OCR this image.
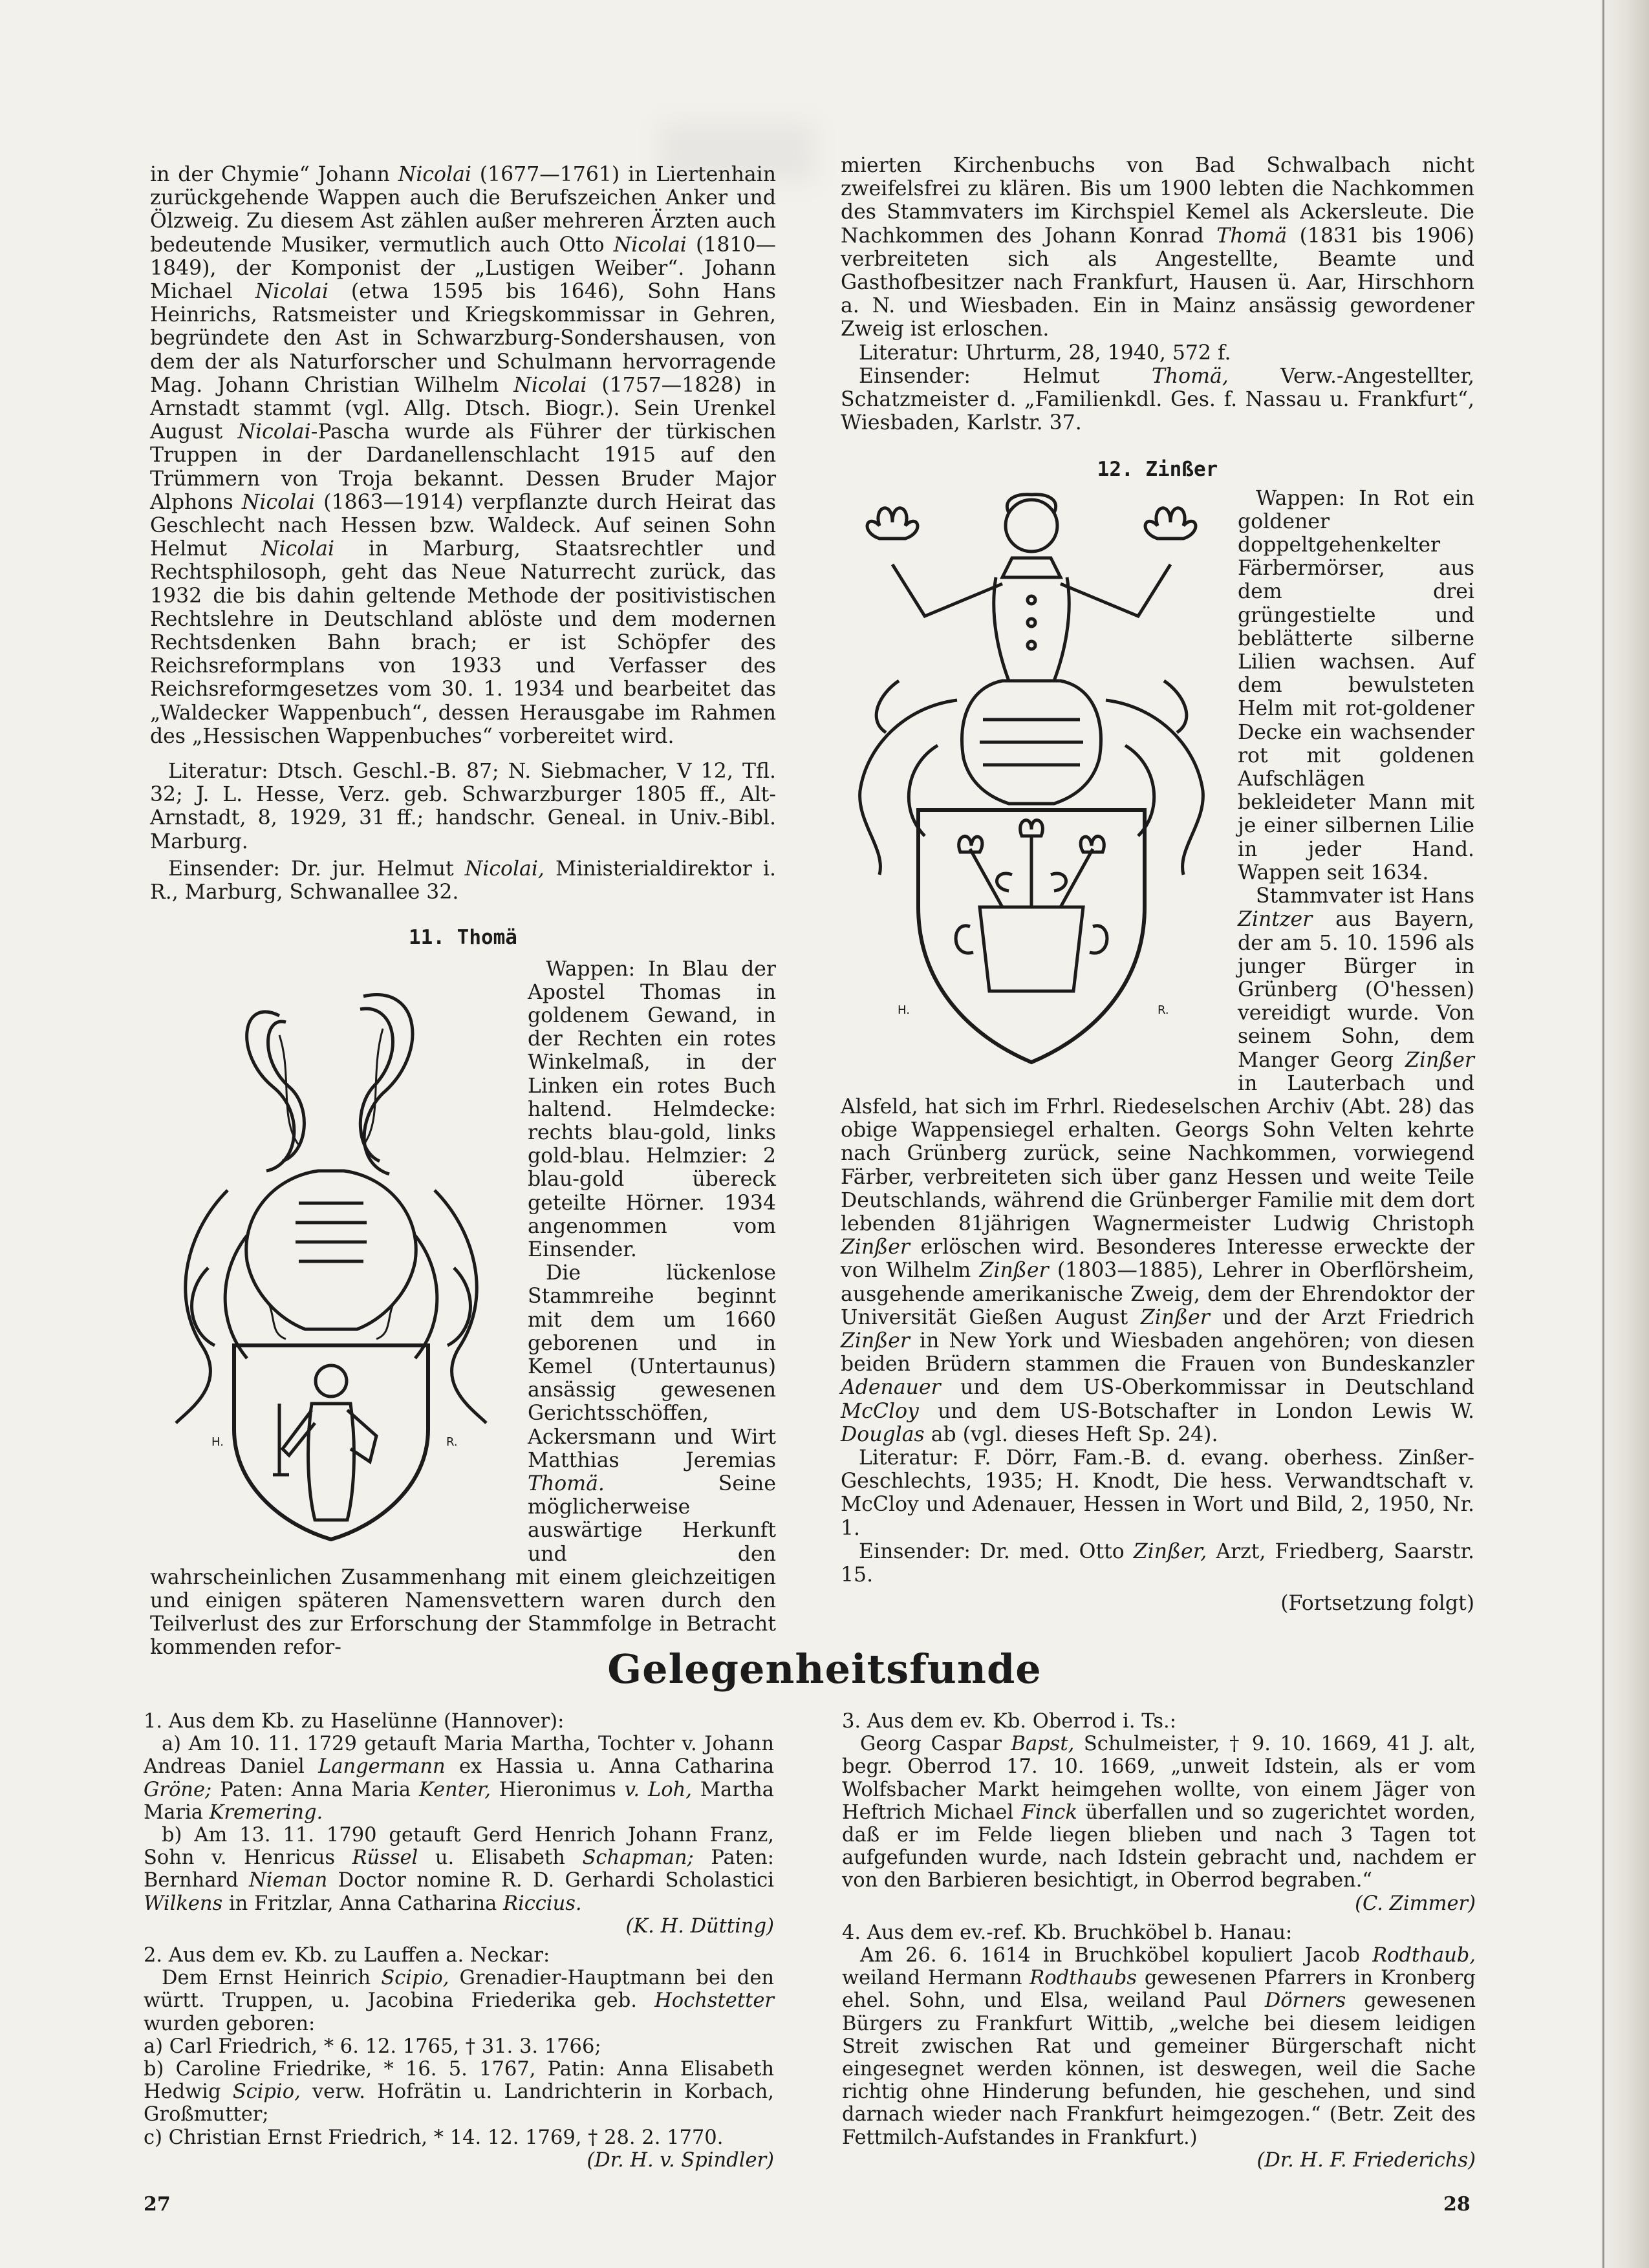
in der Chymie“ Johann Nicolai (1677—1761) in Liertenhain zurückgehende Wappen auch die Berufszeichen Anker und Ölzweig. Zu diesem Ast zählen außer mehreren Ärzten auch bedeutende Musiker, vermutlich auch Otto Nicolai (1810—1849), der Komponist der „Lustigen Weiber“. Johann Michael Nicolai (etwa 1595 bis 1646), Sohn Hans Heinrichs, Ratsmeister und Kriegskommissar in Gehren, begründete den Ast in Schwarzburg-Sondershausen, von dem der als Naturforscher und Schulmann hervorragende Mag. Johann Christian Wilhelm Nicolai (1757—1828) in Arnstadt stammt (vgl. Allg. Dtsch. Biogr.). Sein Urenkel August Nicolai-Pascha wurde als Führer der türkischen Truppen in der Dardanellenschlacht 1915 auf den Trümmern von Troja bekannt. Dessen Bruder Major Alphons Nicolai (1863—1914) verpflanzte durch Heirat das Geschlecht nach Hessen bzw. Waldeck. Auf seinen Sohn Helmut Nicolai in Marburg, Staatsrechtler und Rechtsphilosoph, geht das Neue Naturrecht zurück, das 1932 die bis dahin geltende Methode der positivistischen Rechtslehre in Deutschland ablöste und dem modernen Rechtsdenken Bahn brach; er ist Schöpfer des Reichsreformplans von 1933 und Verfasser des Reichsreformgesetzes vom 30. 1. 1934 und bearbeitet das „Waldecker Wappenbuch“, dessen Herausgabe im Rahmen des „Hessischen Wappenbuches“ vorbereitet wird.

Literatur: Dtsch. Geschl.-B. 87; N. Siebmacher, V 12, Tfl. 32; J. L. Hesse, Verz. geb. Schwarzburger 1805 ff., Alt-Arnstadt, 8, 1929, 31 ff.; handschr. Geneal. in Univ.-Bibl. Marburg.

Einsender: Dr. jur. Helmut Nicolai, Ministerialdirektor i. R., Marburg, Schwanallee 32.

11. Thomä
H.	R.

Wappen: In Blau der Apostel Thomas in goldenem Gewand, in der Rechten ein rotes Winkelmaß, in der Linken ein rotes Buch haltend. Helmdecke: rechts blau-gold, links gold-blau. Helmzier: 2 blau-gold übereck geteilte Hörner. 1934 angenommen vom Einsender.

Die lückenlose Stammreihe beginnt mit dem um 1660 geborenen und in Kemel (Untertaunus) ansässig gewesenen Gerichtsschöffen, Ackersmann und Wirt Matthias Jeremias Thomä. Seine möglicherweise auswärtige Herkunft und den wahrscheinlichen Zusammenhang mit einem gleichzeitigen und einigen späteren Namensvettern waren durch den Teilverlust des zur Erforschung der Stammfolge in Betracht kommenden refor-

mierten Kirchenbuchs von Bad Schwalbach nicht zweifelsfrei zu klären. Bis um 1900 lebten die Nachkommen des Stammvaters im Kirchspiel Kemel als Ackersleute. Die Nachkommen des Johann Konrad Thomä (1831 bis 1906) verbreiteten sich als Angestellte, Beamte und Gasthofbesitzer nach Frankfurt, Hausen ü. Aar, Hirschhorn a. N. und Wiesbaden. Ein in Mainz ansässig gewordener Zweig ist erloschen.

Literatur: Uhrturm, 28, 1940, 572 f.

Einsender: Helmut Thomä, Verw.-Angestellter, Schatzmeister d. „Familienkdl. Ges. f. Nassau u. Frankfurt“, Wiesbaden, Karlstr. 37.

12. Zinßer
H.	R.

Wappen: In Rot ein goldener doppeltgehenkelter Färbermörser, aus dem drei grüngestielte und beblätterte silberne Lilien wachsen. Auf dem bewulsteten Helm mit rot-goldener Decke ein wachsender rot mit goldenen Aufschlägen bekleideter Mann mit je einer silbernen Lilie in jeder Hand. Wappen seit 1634.

Stammvater ist Hans Zintzer aus Bayern, der am 5. 10. 1596 als junger Bürger in Grünberg (O'hessen) vereidigt wurde. Von seinem Sohn, dem Manger Georg Zinßer in Lauterbach und Alsfeld, hat sich im Frhrl. Riedeselschen Archiv (Abt. 28) das obige Wappensiegel erhalten. Georgs Sohn Velten kehrte nach Grünberg zurück, seine Nachkommen, vorwiegend Färber, verbreiteten sich über ganz Hessen und weite Teile Deutschlands, während die Grünberger Familie mit dem dort lebenden 81jährigen Wagnermeister Ludwig Christoph Zinßer erlöschen wird. Besonderes Interesse erweckte der von Wilhelm Zinßer (1803—1885), Lehrer in Oberflörsheim, ausgehende amerikanische Zweig, dem der Ehrendoktor der Universität Gießen August Zinßer und der Arzt Friedrich Zinßer in New York und Wiesbaden angehören; von diesen beiden Brüdern stammen die Frauen von Bundeskanzler Adenauer und dem US-Oberkommissar in Deutschland McCloy und dem US-Botschafter in London Lewis W. Douglas ab (vgl. dieses Heft Sp. 24).

Literatur: F. Dörr, Fam.-B. d. evang. oberhess. Zinßer-Geschlechts, 1935; H. Knodt, Die hess. Verwandtschaft v. McCloy und Adenauer, Hessen in Wort und Bild, 2, 1950, Nr. 1.

Einsender: Dr. med. Otto Zinßer, Arzt, Friedberg, Saarstr. 15.

(Fortsetzung folgt)

Gelegenheitsfunde

1. Aus dem Kb. zu Haselünne (Hannover):

a) Am 10. 11. 1729 getauft Maria Martha, Tochter v. Johann Andreas Daniel Langermann ex Hassia u. Anna Catharina Gröne; Paten: Anna Maria Kenter, Hieronimus v. Loh, Martha Maria Kremering.

b) Am 13. 11. 1790 getauft Gerd Henrich Johann Franz, Sohn v. Henricus Rüssel u. Elisabeth Schapman; Paten: Bernhard Nieman Doctor nomine R. D. Gerhardi Scholastici Wilkens in Fritzlar, Anna Catharina Riccius.

(K. H. Dütting)

2. Aus dem ev. Kb. zu Lauffen a. Neckar:

Dem Ernst Heinrich Scipio, Grenadier-Hauptmann bei den württ. Truppen, u. Jacobina Friederika geb. Hochstetter wurden geboren:

a) Carl Friedrich, * 6. 12. 1765, † 31. 3. 1766;

b) Caroline Friedrike, * 16. 5. 1767, Patin: Anna Elisabeth Hedwig Scipio, verw. Hofrätin u. Landrichterin in Korbach, Großmutter;

c) Christian Ernst Friedrich, * 14. 12. 1769, † 28. 2. 1770.

(Dr. H. v. Spindler)

3. Aus dem ev. Kb. Oberrod i. Ts.:

Georg Caspar Bapst, Schulmeister, † 9. 10. 1669, 41 J. alt, begr. Oberrod 17. 10. 1669, „unweit Idstein, als er vom Wolfsbacher Markt heimgehen wollte, von einem Jäger von Heftrich Michael Finck überfallen und so zugerichtet worden, daß er im Felde liegen blieben und nach 3 Tagen tot aufgefunden wurde, nach Idstein gebracht und, nachdem er von den Barbieren besichtigt, in Oberrod begraben.“

(C. Zimmer)

4. Aus dem ev.-ref. Kb. Bruchköbel b. Hanau:

Am 26. 6. 1614 in Bruchköbel kopuliert Jacob Rodthaub, weiland Hermann Rodthaubs gewesenen Pfarrers in Kronberg ehel. Sohn, und Elsa, weiland Paul Dörners gewesenen Bürgers zu Frankfurt Wittib, „welche bei diesem leidigen Streit zwischen Rat und gemeiner Bürgerschaft nicht eingesegnet werden können, ist deswegen, weil die Sache richtig ohne Hinderung befunden, hie geschehen, und sind darnach wieder nach Frankfurt heimgezogen.“ (Betr. Zeit des Fettmilch-Aufstandes in Frankfurt.)

(Dr. H. F. Friederichs)

27	28
